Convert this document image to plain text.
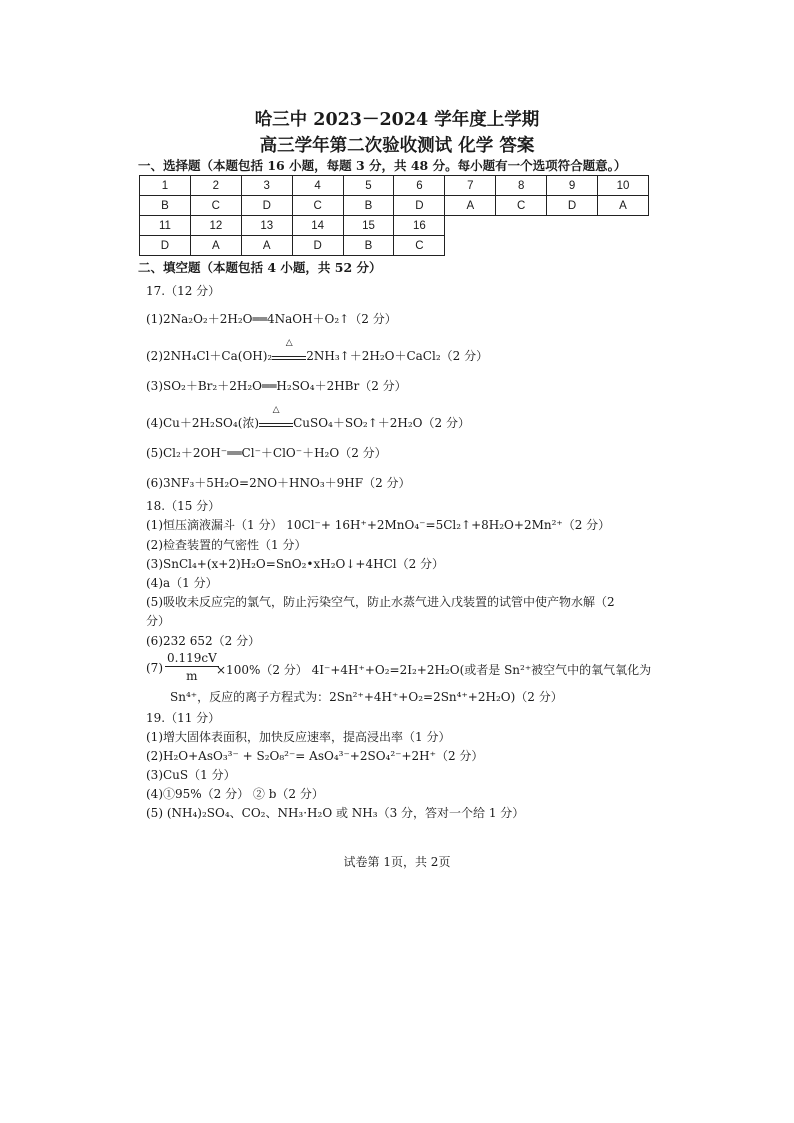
哈三中 2023－2024 学年度上学期
高三学年第二次验收测试 化学 答案
一、选择题（本题包括 16 小题，每题 3 分，共 48 分。每小题有一个选项符合题意。）
1	2	3	4	5	6	7	8	9	10
B	C	D	C	B	D	A	C	D	A
11	12	13	14	15	16				
D	A	A	D	B	C				
二、填空题（本题包括 4 小题，共 52 分）
17.（12 分）
(1)2Na₂O₂＋2H₂O══4NaOH＋O₂↑（2 分）
(2)2NH₄Cl＋Ca(OH)₂
△
2NH₃↑＋2H₂O＋CaCl₂（2 分）
(3)SO₂＋Br₂＋2H₂O══H₂SO₄＋2HBr（2 分）
(4)Cu＋2H₂SO₄(浓)
△
CuSO₄＋SO₂↑＋2H₂O（2 分）
(5)Cl₂＋2OH⁻══Cl⁻＋ClO⁻＋H₂O（2 分）
(6)3NF₃＋5H₂O=2NO＋HNO₃＋9HF（2 分）
18.（15 分）
(1)恒压滴液漏斗（1 分） 10Cl⁻+ 16H⁺+2MnO₄⁻=5Cl₂↑+8H₂O+2Mn²⁺（2 分）
(2)检查装置的气密性（1 分）
(3)SnCl₄+(x+2)H₂O=SnO₂•xH₂O↓+4HCl（2 分）
(4)a（1 分）
(5)吸收未反应完的氯气，防止污染空气，防止水蒸气进入戊装置的试管中使产物水解（2
分）
(6)232 652（2 分）
$(7) \frac{0.119cV}{m}$
×100%（2 分） 4I⁻+4H⁺+O₂=2I₂+2H₂O(或者是 Sn²⁺被空气中的氧气氧化为
Sn⁴⁺，反应的离子方程式为：2Sn²⁺+4H⁺+O₂=2Sn⁴⁺+2H₂O)（2 分）
19.（11 分）
(1)增大固体表面积，加快反应速率，提高浸出率（1 分）
(2)H₂O+AsO₃³⁻ + S₂O₈²⁻= AsO₄³⁻+2SO₄²⁻+2H⁺（2 分）
(3)CuS（1 分）
(4)①95%（2 分） ② b（2 分）
(5) (NH₄)₂SO₄、CO₂、NH₃·H₂O 或 NH₃（3 分，答对一个给 1 分）
试卷第 1页，共 2页
